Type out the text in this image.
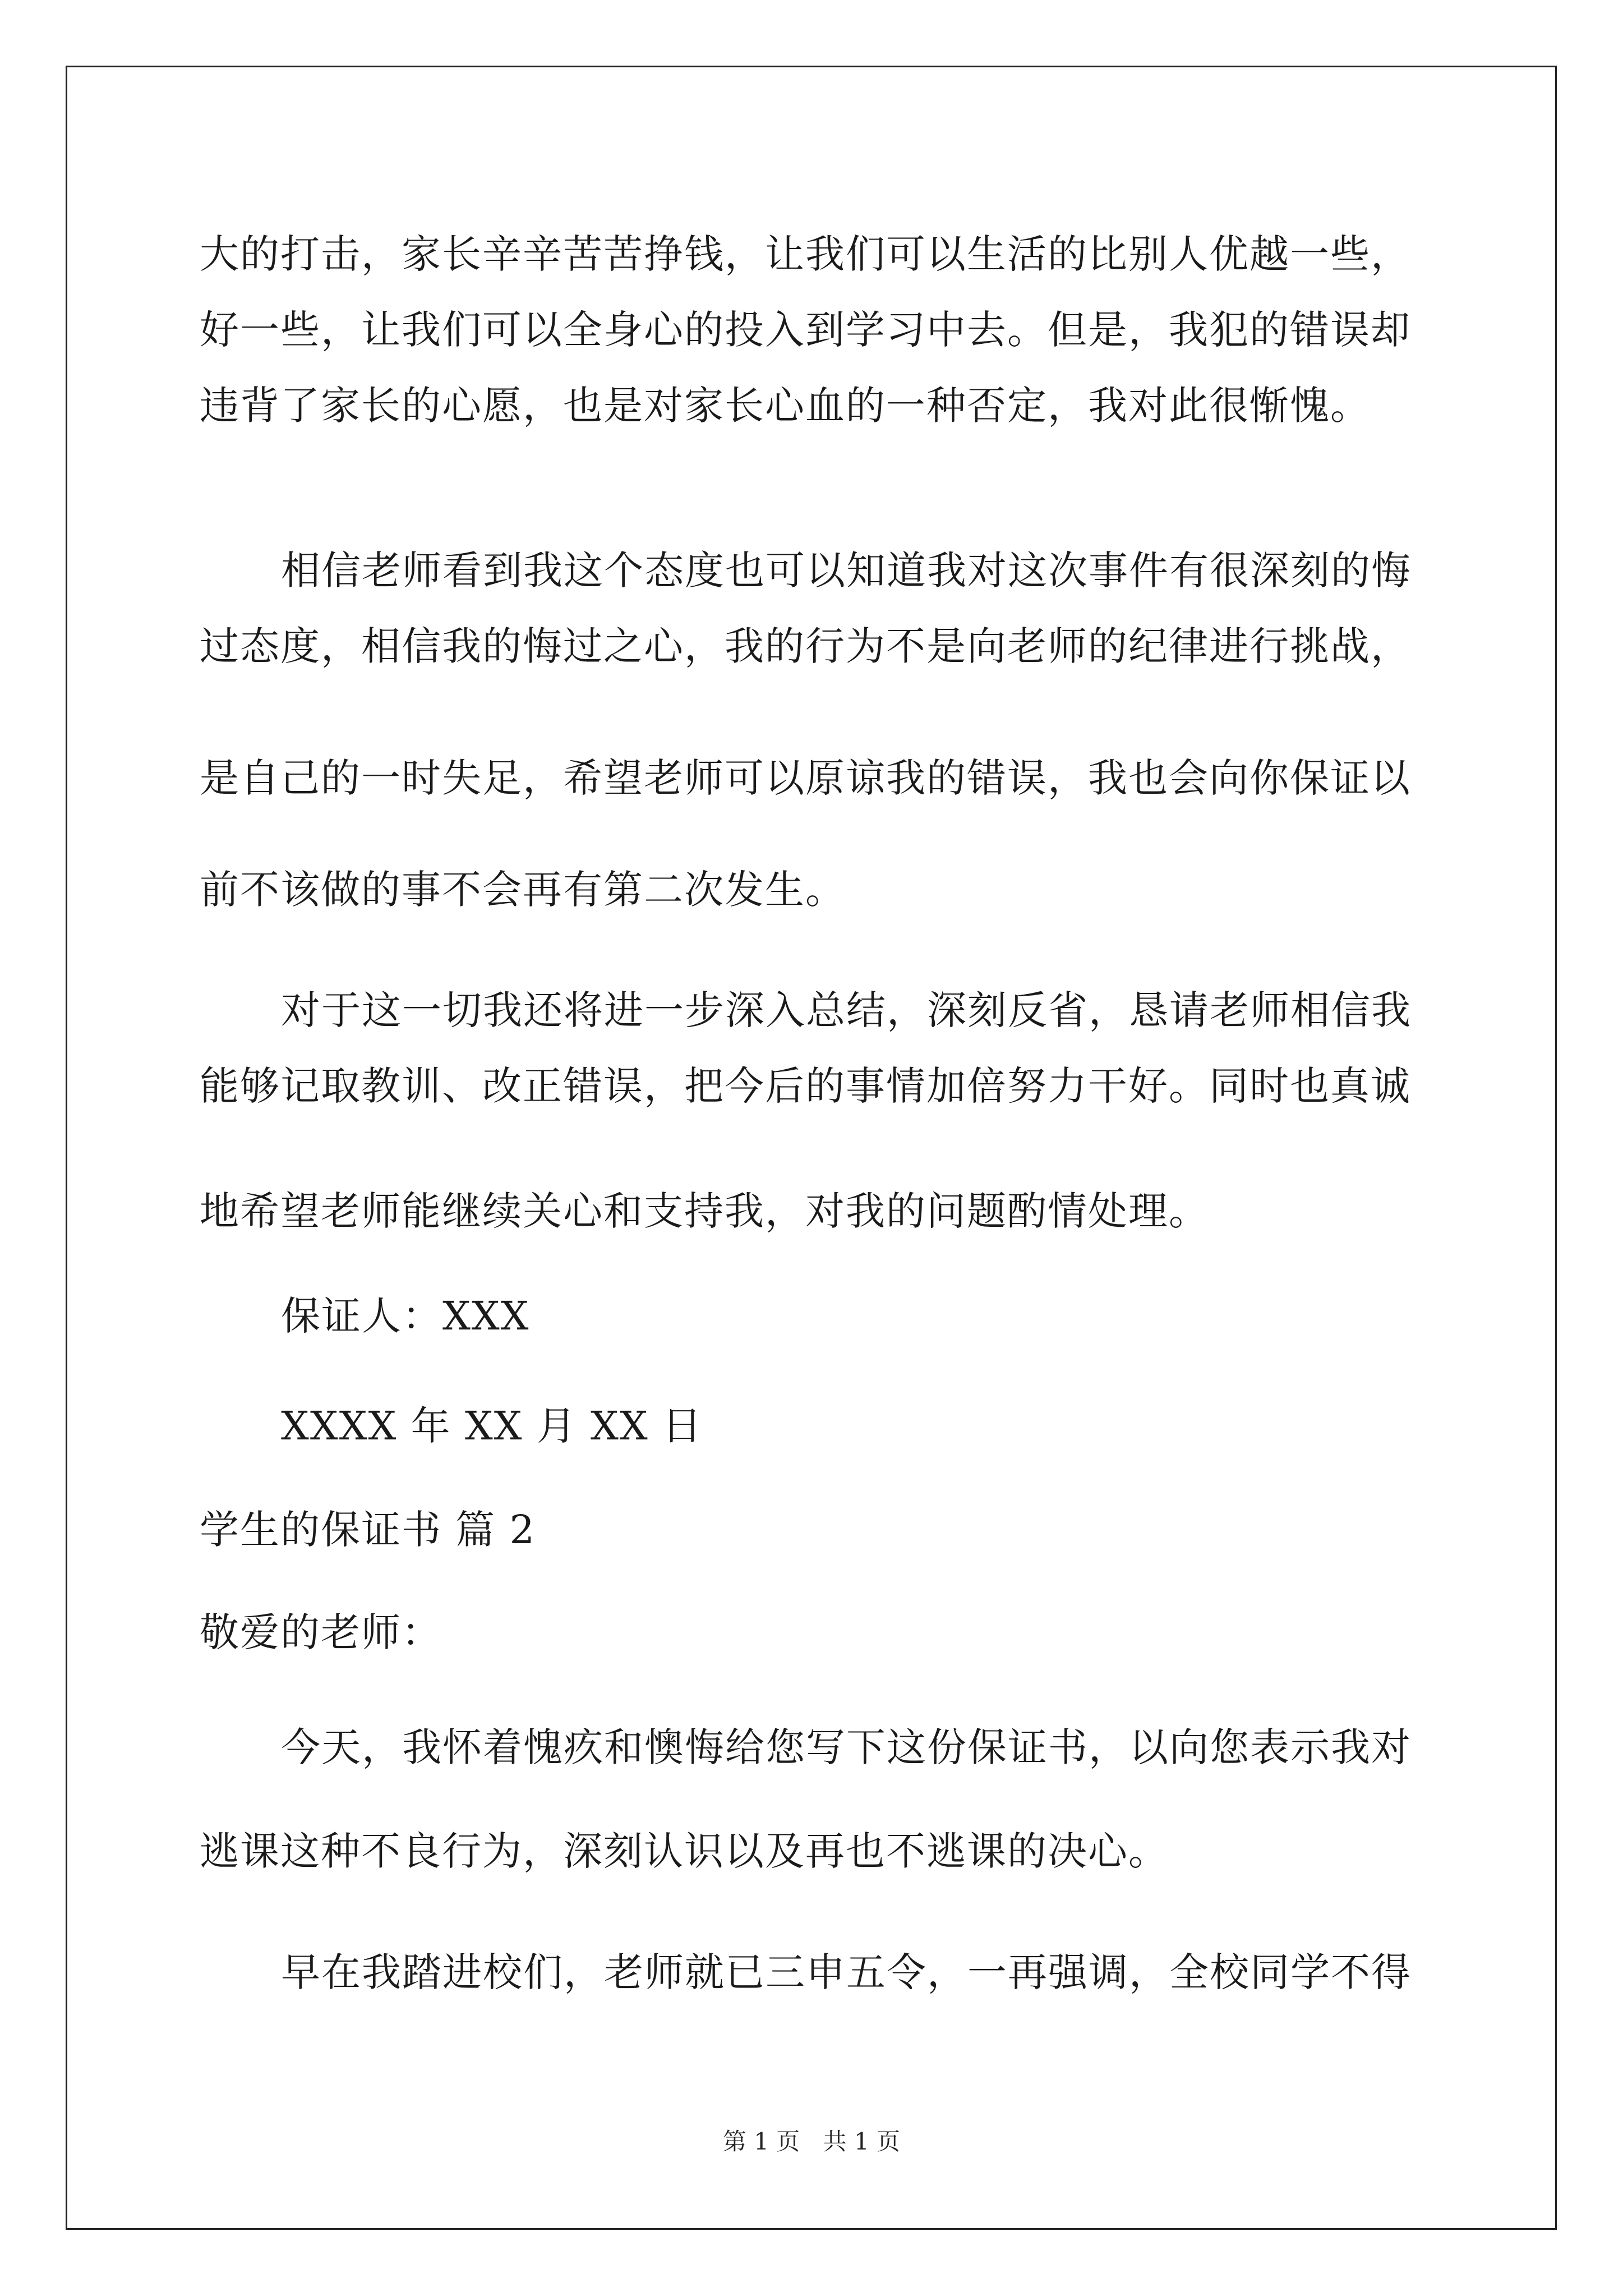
大的打击，家长辛辛苦苦挣钱，让我们可以生活的比别人优越一些，
好一些，让我们可以全身心的投入到学习中去。但是，我犯的错误却
违背了家长的心愿，也是对家长心血的一种否定，我对此很惭愧。
相信老师看到我这个态度也可以知道我对这次事件有很深刻的悔
过态度，相信我的悔过之心，我的行为不是向老师的纪律进行挑战，
是自己的一时失足，希望老师可以原谅我的错误，我也会向你保证以
前不该做的事不会再有第二次发生。
对于这一切我还将进一步深入总结，深刻反省，恳请老师相信我
能够记取教训、改正错误，把今后的事情加倍努力干好。同时也真诚
地希望老师能继续关心和支持我，对我的问题酌情处理。
保证人：XXX
XXXX 年 XX 月 XX 日
学生的保证书 篇 2
敬爱的老师：
今天，我怀着愧疚和懊悔给您写下这份保证书，以向您表示我对
逃课这种不良行为，深刻认识以及再也不逃课的决心。
早在我踏进校们，老师就已三申五令，一再强调，全校同学不得
第 1 页 共 1 页
